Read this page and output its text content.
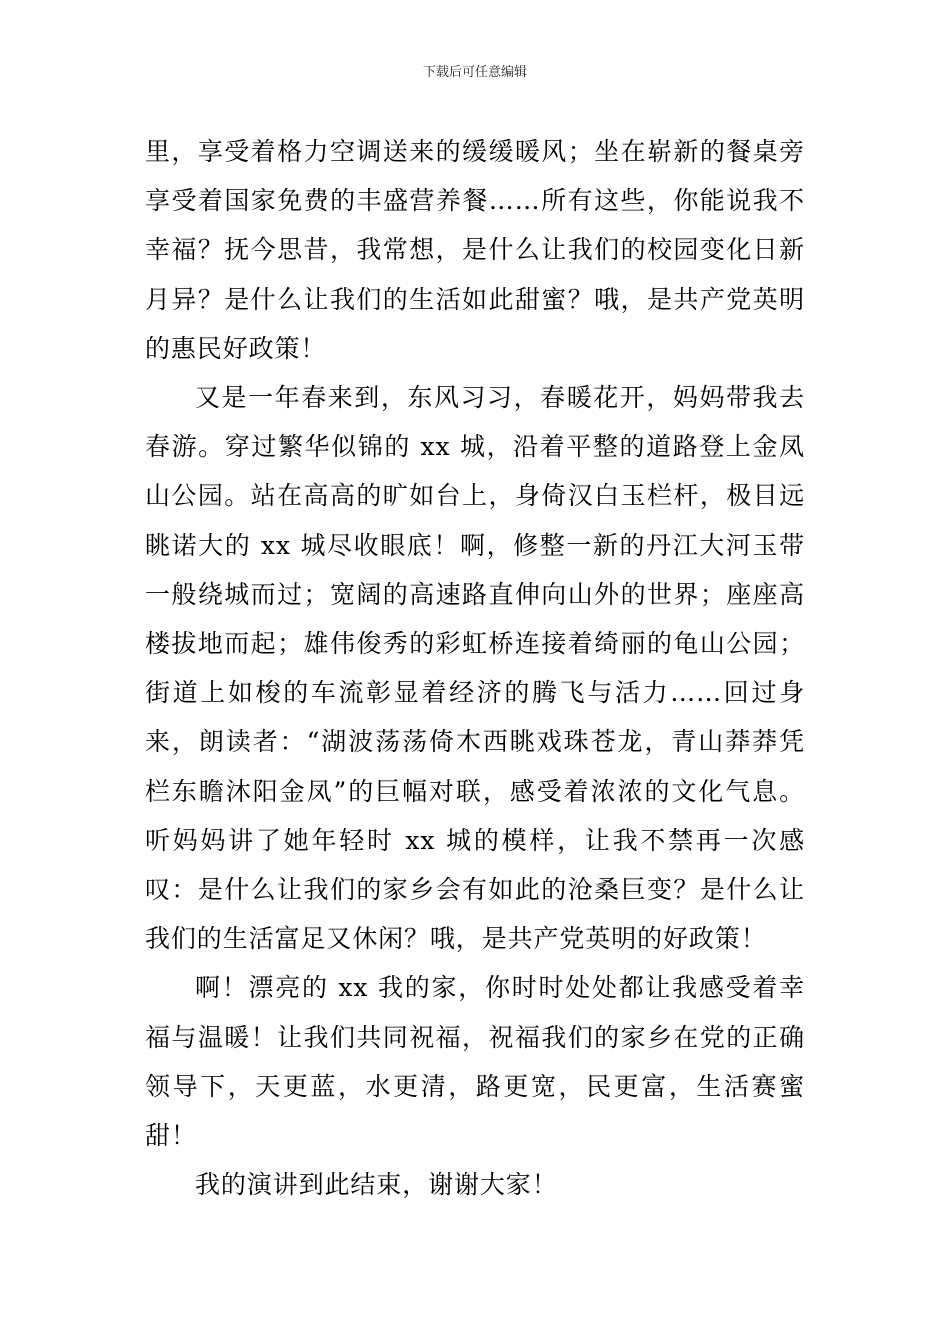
下载后可任意编辑

里，享受着格力空调送来的缓缓暖风；坐在崭新的餐桌旁享受着国家免费的丰盛营养餐……所有这些，你能说我不幸福？抚今思昔，我常想，是什么让我们的校园变化日新月异？是什么让我们的生活如此甜蜜？哦，是共产党英明的惠民好政策！

又是一年春来到，东风习习，春暖花开，妈妈带我去春游。穿过繁华似锦的 xx 城，沿着平整的道路登上金凤山公园。站在高高的旷如台上，身倚汉白玉栏杆，极目远眺诺大的 xx 城尽收眼底！啊，修整一新的丹江大河玉带一般绕城而过；宽阔的高速路直伸向山外的世界；座座高楼拔地而起；雄伟俊秀的彩虹桥连接着绮丽的龟山公园；街道上如梭的车流彰显着经济的腾飞与活力……回过身来，朗读者：“湖波荡荡倚木西眺戏珠苍龙，青山莽莽凭栏东瞻沐阳金凤”的巨幅对联，感受着浓浓的文化气息。听妈妈讲了她年轻时 xx 城的模样，让我不禁再一次感叹：是什么让我们的家乡会有如此的沧桑巨变？是什么让我们的生活富足又休闲？哦，是共产党英明的好政策！

啊！漂亮的 xx 我的家，你时时处处都让我感受着幸福与温暖！让我们共同祝福，祝福我们的家乡在党的正确领导下，天更蓝，水更清，路更宽，民更富，生活赛蜜甜！

我的演讲到此结束，谢谢大家！
